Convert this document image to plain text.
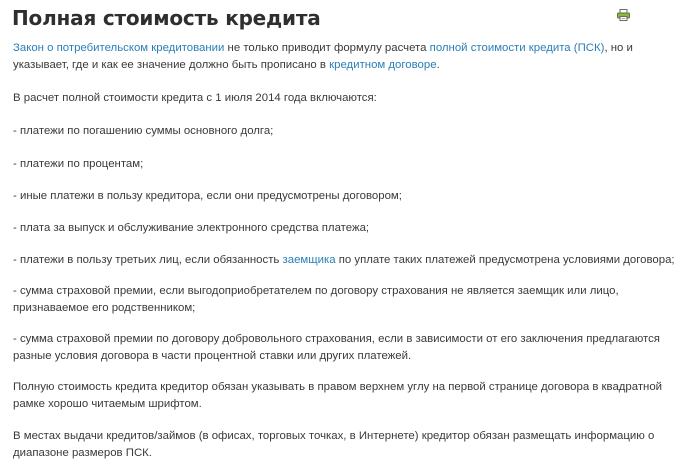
Полная стоимость кредита

Закон о потребительском кредитовании не только приводит формулу расчета полной стоимости кредита (ПСК), но и

указывает, где и как ее значение должно быть прописано в кредитном договоре.

В расчет полной стоимости кредита с 1 июля 2014 года включаются:

- платежи по погашению суммы основного долга;

- платежи по процентам;

- иные платежи в пользу кредитора, если они предусмотрены договором;

- плата за выпуск и обслуживание электронного средства платежа;

- платежи в пользу третьих лиц, если обязанность заемщика по уплате таких платежей предусмотрена условиями договора;

- сумма страховой премии, если выгодоприобретателем по договору страхования не является заемщик или лицо,

признаваемое его родственником;

- сумма страховой премии по договору добровольного страхования, если в зависимости от его заключения предлагаются

разные условия договора в части процентной ставки или других платежей.

Полную стоимость кредита кредитор обязан указывать в правом верхнем углу на первой странице договора в квадратной

рамке хорошо читаемым шрифтом.

В местах выдачи кредитов/займов (в офисах, торговых точках, в Интернете) кредитор обязан размещать информацию о

диапазоне размеров ПСК.
